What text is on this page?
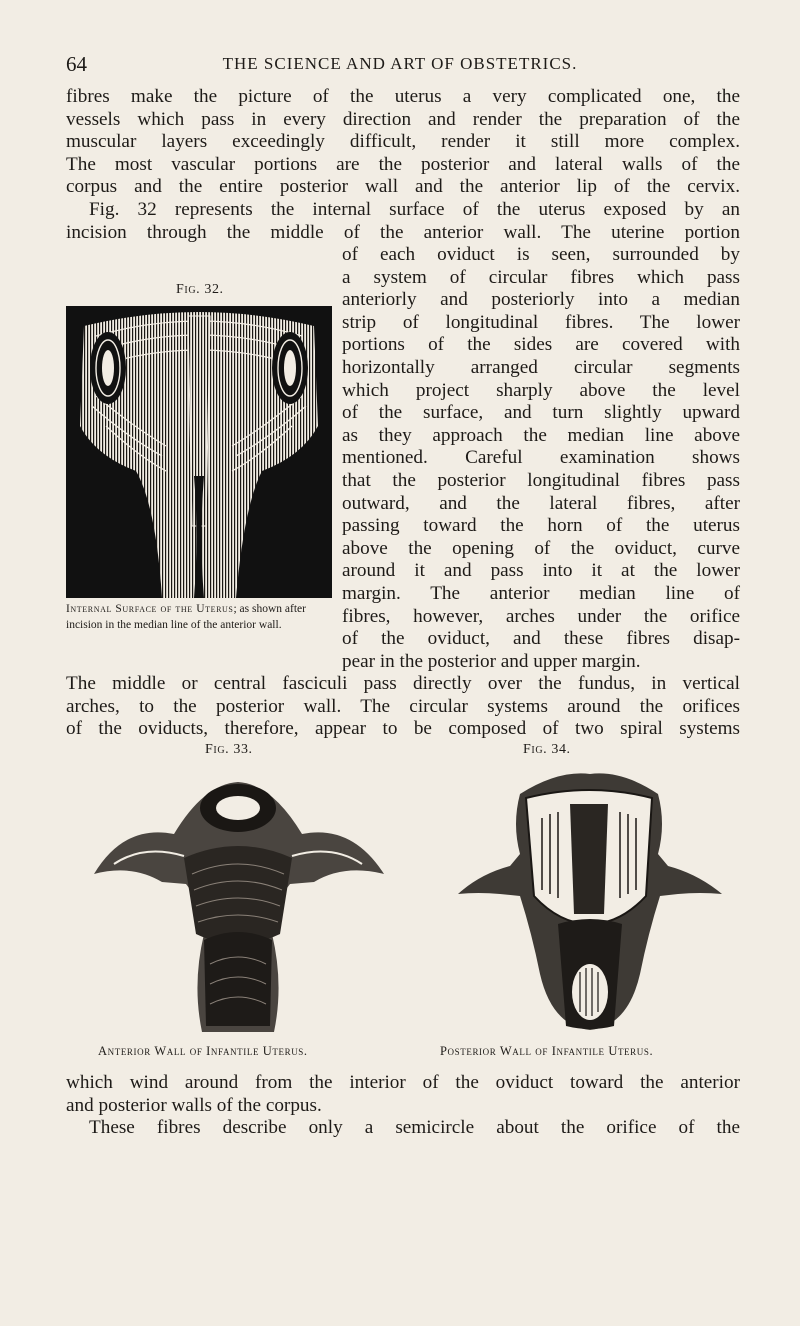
64	THE SCIENCE AND ART OF OBSTETRICS.
fibres make the picture of the uterus a very complicated one, the
vessels which pass in every direction and render the preparation of the
muscular layers exceedingly difficult, render it still more complex.
The most vascular portions are the posterior and lateral walls of the
corpus and the entire posterior wall and the anterior lip of the cervix.
Fig. 32 represents the internal surface of the uterus exposed by an
incision through the middle of the anterior wall. The uterine portion
of each oviduct is seen, surrounded by
a system of circular fibres which pass
anteriorly and posteriorly into a median
strip of longitudinal fibres. The lower
portions of the sides are covered with
horizontally arranged circular segments
which project sharply above the level
of the surface, and turn slightly upward
as they approach the median line above
mentioned. Careful examination shows
that the posterior longitudinal fibres pass
outward, and the lateral fibres, after
passing toward the horn of the uterus
above the opening of the oviduct, curve
around it and pass into it at the lower
margin. The anterior median line of
fibres, however, arches under the orifice
of the oviduct, and these fibres disap-
pear in the posterior and upper margin.
The middle or central fasciculi pass directly over the fundus, in vertical
arches, to the posterior wall. The circular systems around the orifices
of the oviducts, therefore, appear to be composed of two spiral systems
Fig. 32.
Internal Surface of the Uterus; as shown after incision in the median line of the anterior wall.
Fig. 33.
Anterior Wall of Infantile Uterus.
Fig. 34.
Posterior Wall of Infantile Uterus.
which wind around from the interior of the oviduct toward the anterior
and posterior walls of the corpus.
These fibres describe only a semicircle about the orifice of the
